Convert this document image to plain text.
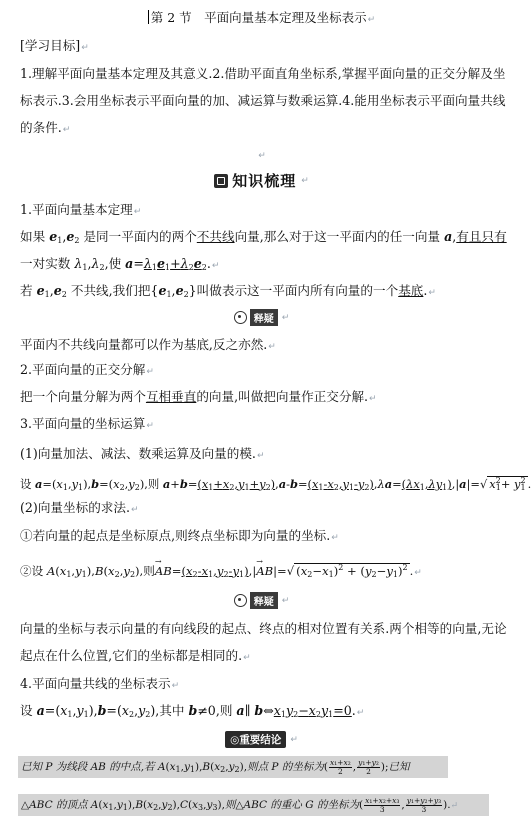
第 2 节　平面向量基本定理及坐标表示↵
[学习目标]↵
1.理解平面向量基本定理及其意义.2.借助平面直角坐标系,掌握平面向量的正交分解及坐
标表示.3.会用坐标表示平面向量的加、减运算与数乘运算.4.能用坐标表示平面向量共线
的条件.↵
↵
知识梳理 ↵
1.平面向量基本定理↵
如果 $e_1,e_2$ 是同一平面内的两个不共线向量,那么对于这一平面内的任一向量 a,有且只有
一对实数 $\lambda_1,\lambda_2$,使 $a=\lambda_1e_1+\lambda_2e_2.↵$
若 $e_1,e_2$ 不共线,我们把$\{e_1,e_2\}$叫做表示这一平面内所有向量的一个基底.↵
释疑 ↵
平面内不共线向量都可以作为基底,反之亦然.↵
2.平面向量的正交分解↵
把一个向量分解为两个互相垂直的向量,叫做把向量作正交分解.↵
3.平面向量的坐标运算↵
(1)向量加法、减法、数乘运算及向量的模.↵
设 $a=(x_1,y_1),b=(x_2,y_2)$,则 $a+b=(x_1+x_2,y_1+y_2),a-b=(x_1-x_2,y_1-y_2),\lambda a=(\lambda x_1,\lambda y_1),|a|=√$ $x^2_1+ y^2_1$ .
(2)向量坐标的求法.↵
①若向量的起点是坐标原点,则终点坐标即为向量的坐标.↵
②设 $A(x_1,y_1),B(x_2,y_2)$,则→ $AB=(x_2-x_1,y_2-y_1),|\to AB|=√$ $(x_2-x_1)^2 + (y_2-y_1)^2$ .↵
释疑 ↵
向量的坐标与表示向量的有向线段的起点、终点的相对位置有关系.两个相等的向量,无论
起点在什么位置,它们的坐标都是相同的.↵
4.平面向量共线的坐标表示↵
设 $a=(x_1,y_1),b=(x_2,y_2)$,其中 b≠0,则 a∥ $b\Leftrightarrow x_1y_2-x_2y_1=0.↵$
◎重要结论	↵
已知 P 为线段 AB 的中点,若 $A(x_1,y_1),B(x_2,y_2)$,则点 P 的坐标为( $\frac{\text{x₁+x₂}}{2}$ , $\frac{\text{y₁+y₂}}{2}$ );已知
△ABC 的顶点 $A(x_1,y_1),B(x_2,y_2),C(x_3,y_3)$,则△ABC 的重心 G 的坐标为( $\frac{\text{x₁+x₂+x₃}}{3}$ , $\frac{\text{y₁+y₂+y₃}}{3}$ ).↵
